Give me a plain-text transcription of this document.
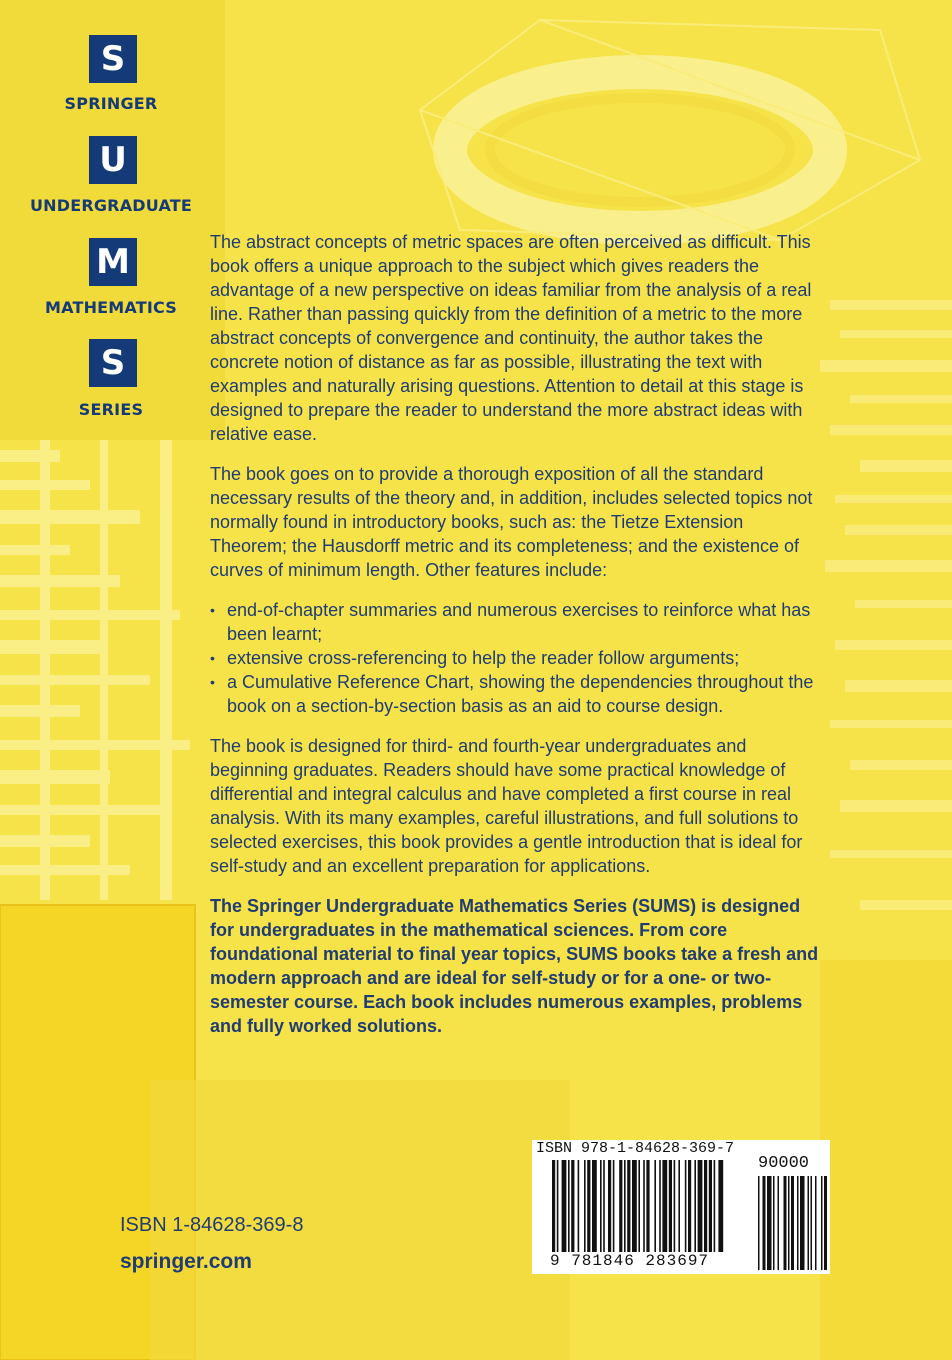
S
SPRINGER
U
UNDERGRADUATE
M
MATHEMATICS
S
SERIES

The abstract concepts of metric spaces are often perceived as difficult. This book offers a unique approach to the subject which gives readers the advantage of a new perspective on ideas familiar from the analysis of a real line. Rather than passing quickly from the definition of a metric to the more abstract concepts of convergence and continuity, the author takes the concrete notion of distance as far as possible, illustrating the text with examples and naturally arising questions. Attention to detail at this stage is designed to prepare the reader to understand the more abstract ideas with relative ease.

The book goes on to provide a thorough exposition of all the standard necessary results of the theory and, in addition, includes selected topics not normally found in introductory books, such as: the Tietze Extension Theorem; the Hausdorff metric and its completeness; and the existence of curves of minimum length. Other features include:

• end-of-chapter summaries and numerous exercises to reinforce what has been learnt;
• extensive cross-referencing to help the reader follow arguments;
• a Cumulative Reference Chart, showing the dependencies throughout the book on a section-by-section basis as an aid to course design.

The book is designed for third- and fourth-year undergraduates and beginning graduates. Readers should have some practical knowledge of differential and integral calculus and have completed a first course in real analysis. With its many examples, careful illustrations, and full solutions to selected exercises, this book provides a gentle introduction that is ideal for self-study and an excellent preparation for applications.

The Springer Undergraduate Mathematics Series (SUMS) is designed for undergraduates in the mathematical sciences. From core foundational material to final year topics, SUMS books take a fresh and modern approach and are ideal for self-study or for a one- or two-semester course. Each book includes numerous examples, problems and fully worked solutions.

ISBN 978-1-84628-369-7
90000
9 781846 283697
ISBN 1-84628-369-8
springer.com
